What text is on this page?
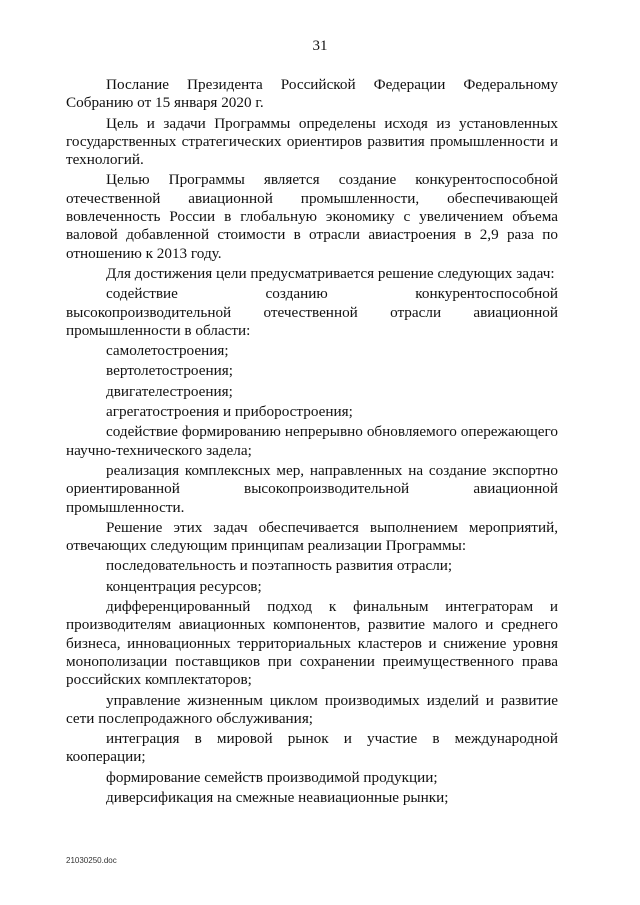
31

Послание Президента Российской Федерации Федеральному Собранию от 15 января 2020 г.

Цель и задачи Программы определены исходя из установленных государственных стратегических ориентиров развития промышленности и технологий.

Целью Программы является создание конкурентоспособной отечественной авиационной промышленности, обеспечивающей вовлеченность России в глобальную экономику с увеличением объема валовой добавленной стоимости в отрасли авиастроения в 2,9 раза по отношению к 2013 году.

Для достижения цели предусматривается решение следующих задач:

содействие созданию конкурентоспособной высокопроизводительной отечественной отрасли авиационной промышленности в области:

самолетостроения;

вертолетостроения;

двигателестроения;

агрегатостроения и приборостроения;

содействие формированию непрерывно обновляемого опережающего научно-технического задела;

реализация комплексных мер, направленных на создание экспортно ориентированной высокопроизводительной авиационной промышленности.

Решение этих задач обеспечивается выполнением мероприятий, отвечающих следующим принципам реализации Программы:

последовательность и поэтапность развития отрасли;

концентрация ресурсов;

дифференцированный подход к финальным интеграторам и производителям авиационных компонентов, развитие малого и среднего бизнеса, инновационных территориальных кластеров и снижение уровня монополизации поставщиков при сохранении преимущественного права российских комплектаторов;

управление жизненным циклом производимых изделий и развитие сети послепродажного обслуживания;

интеграция в мировой рынок и участие в международной кооперации;

формирование семейств производимой продукции;

диверсификация на смежные неавиационные рынки;

21030250.doc
